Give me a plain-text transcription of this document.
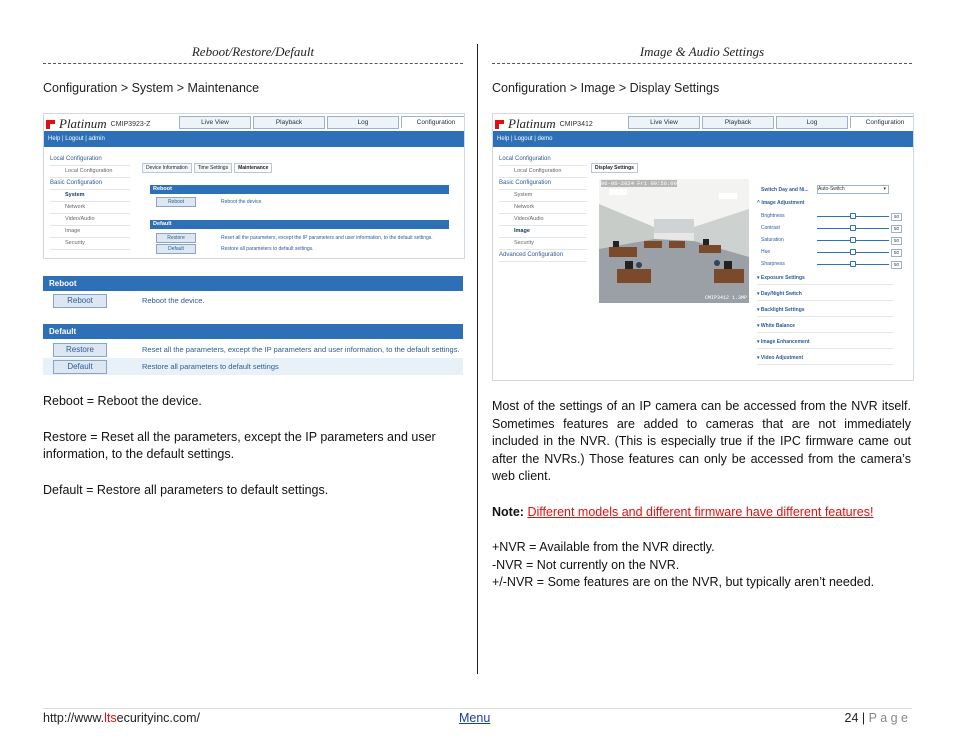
Reboot/Restore/Default	Image & Audio Settings
Configuration > System > Maintenance	Configuration > Image > Display Settings
Platinum CMIP3923-Z	Live View	Playback	Log	Configuration
Help | Logout | admin
Local Configuration
Local Configuration
Basic Configuration
System
Network
Video/Audio
Image
Security
Device Information	Time Settings	Maintenance
Reboot
Reboot	Reboot the device.
Default
Restore	Reset all the parameters, except the IP parameters and user information, to the default settings.
Default	Restore all parameters to default settings.
Reboot
Reboot	Reboot the device.
Default
Restore	Reset all the parameters, except the IP parameters and user information, to the default settings.
Default	Restore all parameters to default settings

Reboot = Reboot the device.

Restore = Reset all the parameters, except the IP parameters and user information, to the default settings.

Default = Restore all parameters to default settings.

Platinum CMIP3412	Live View	Playback	Log	Configuration
Help | Logout | demo
Local Configuration
Local Configuration
Basic Configuration
System
Network
Video/Audio
Image
Security
Advanced Configuration
Display Settings
06-06-2024 Fri 09:56:09
CMIP3412 1.3MP
Switch Day and Ni... Auto-Switch	▾
^ Image Adjustment
▾ Exposure Settings
▾ Day/Night Switch
▾ Backlight Settings
▾ White Balance
▾ Image Enhancement
▾ Video Adjustment
Brightness	50
Contrast	50
Saturation	50
Hue	50
Sharpness	50

Most of the settings of an IP camera can be accessed from the NVR itself. Sometimes features are added to cameras that are not immediately included in the NVR. (This is especially true if the IPC firmware came out after the NVRs.) Those features can only be accessed from the camera’s web client.

Note: Different models and different firmware have different features!

+NVR = Available from the NVR directly.

-NVR = Not currently on the NVR.

+/-NVR = Some features are on the NVR, but typically aren’t needed.

http://www.ltsecurityinc.com/	Menu	24 | P a g e
